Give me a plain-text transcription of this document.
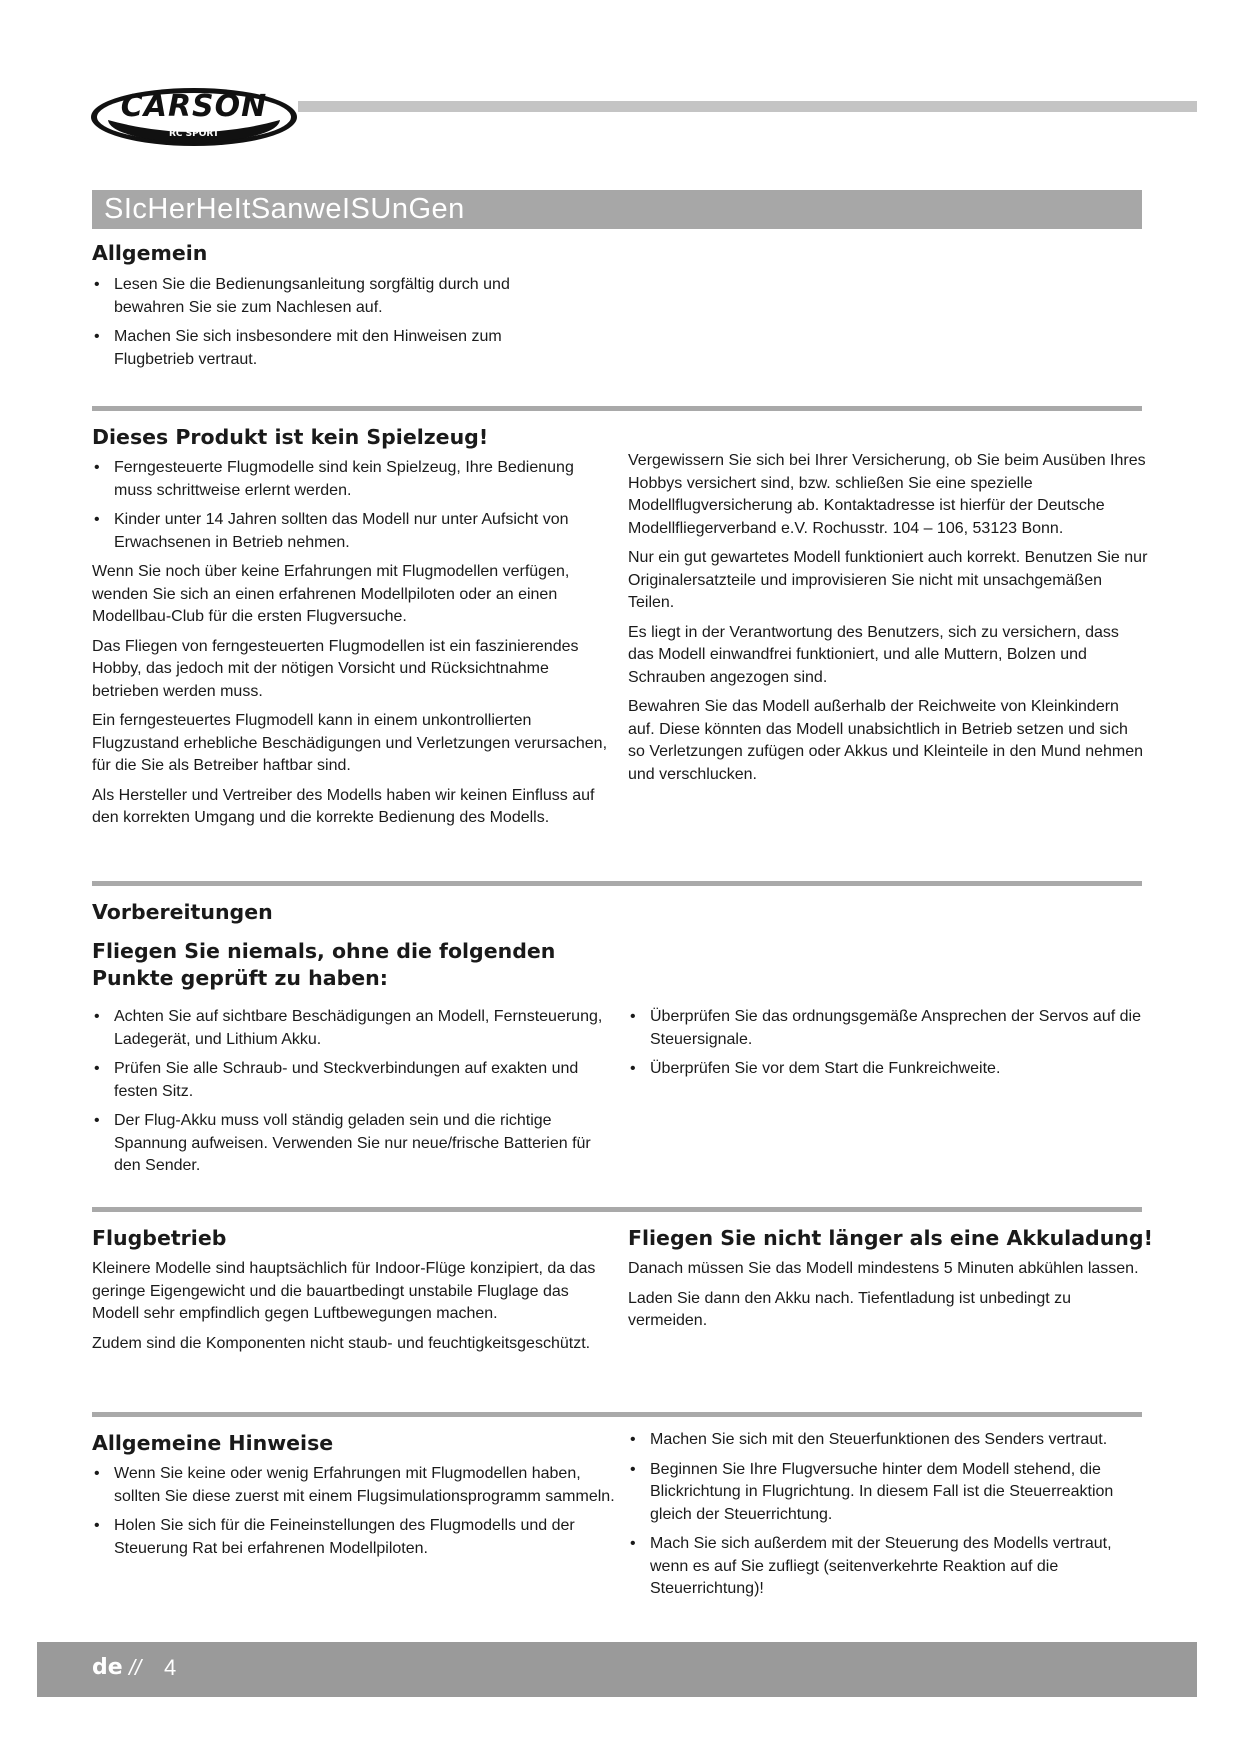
CARSON
RC SPORT
SIcHerHeItSanweISUnGen
Allgemein
• Lesen Sie die Bedienungsanleitung sorgfältig durch und bewahren Sie sie zum Nachlesen auf.
• Machen Sie sich insbesondere mit den Hinweisen zum Flugbetrieb vertraut.
Dieses Produkt ist kein Spielzeug!
• Ferngesteuerte Flugmodelle sind kein Spielzeug, Ihre Bedienung muss schrittweise erlernt werden.
• Kinder unter 14 Jahren sollten das Modell nur unter Aufsicht von Erwachsenen in Betrieb nehmen.

Wenn Sie noch über keine Erfahrungen mit Flugmodellen verfügen, wenden Sie sich an einen erfahrenen Modellpiloten oder an einen Modellbau-Club für die ersten Flugversuche.

Das Fliegen von ferngesteuerten Flugmodellen ist ein faszinierendes Hobby, das jedoch mit der nötigen Vorsicht und Rücksichtnahme betrieben werden muss.

Ein ferngesteuertes Flugmodell kann in einem unkontrollierten Flugzustand erhebliche Beschädigungen und Verletzungen verursachen, für die Sie als Betreiber haftbar sind.

Als Hersteller und Vertreiber des Modells haben wir keinen Einfluss auf den korrekten Umgang und die korrekte Bedienung des Modells.

Vergewissern Sie sich bei Ihrer Versicherung, ob Sie beim Ausüben Ihres Hobbys versichert sind, bzw. schließen Sie eine spezielle Modellflugversicherung ab. Kontaktadresse ist hierfür der Deutsche Modellfliegerverband e.V. Rochusstr. 104 – 106, 53123 Bonn.

Nur ein gut gewartetes Modell funktioniert auch korrekt. Benutzen Sie nur Originalersatzteile und improvisieren Sie nicht mit unsachgemäßen Teilen.

Es liegt in der Verantwortung des Benutzers, sich zu versichern, dass das Modell einwandfrei funktioniert, und alle Muttern, Bolzen und Schrauben angezogen sind.

Bewahren Sie das Modell außerhalb der Reichweite von Kleinkindern auf. Diese könnten das Modell unabsichtlich in Betrieb setzen und sich so Verletzungen zufügen oder Akkus und Kleinteile in den Mund nehmen und verschlucken.

Vorbereitungen
Fliegen Sie niemals, ohne die folgenden Punkte geprüft zu haben:
• Achten Sie auf sichtbare Beschädigungen an Modell, Fernsteuerung, Ladegerät, und Lithium Akku.
• Prüfen Sie alle Schraub- und Steckverbindungen auf exakten und festen Sitz.
• Der Flug-Akku muss voll ständig geladen sein und die richtige Spannung aufweisen. Verwenden Sie nur neue/frische Batterien für den Sender.
• Überprüfen Sie das ordnungsgemäße Ansprechen der Servos auf die Steuersignale.
• Überprüfen Sie vor dem Start die Funkreichweite.
Flugbetrieb

Kleinere Modelle sind hauptsächlich für Indoor-Flüge konzipiert, da das geringe Eigengewicht und die bauartbedingt unstabile Fluglage das Modell sehr empfindlich gegen Luftbewegungen machen.

Zudem sind die Komponenten nicht staub- und feuchtigkeitsgeschützt.

Fliegen Sie nicht länger als eine Akkuladung!

Danach müssen Sie das Modell mindestens 5 Minuten abkühlen lassen.

Laden Sie dann den Akku nach. Tiefentladung ist unbedingt zu vermeiden.

Allgemeine Hinweise
• Wenn Sie keine oder wenig Erfahrungen mit Flugmodellen haben, sollten Sie diese zuerst mit einem Flugsimulationsprogramm sammeln.
• Holen Sie sich für die Feineinstellungen des Flugmodells und der Steuerung Rat bei erfahrenen Modellpiloten.
• Machen Sie sich mit den Steuerfunktionen des Senders vertraut.
• Beginnen Sie Ihre Flugversuche hinter dem Modell stehend, die Blickrichtung in Flugrichtung. In diesem Fall ist die Steuerreaktion gleich der Steuerrichtung.
• Mach Sie sich außerdem mit der Steuerung des Modells vertraut, wenn es auf Sie zufliegt (seitenverkehrte Reaktion auf die Steuerrichtung)!
de // 4
